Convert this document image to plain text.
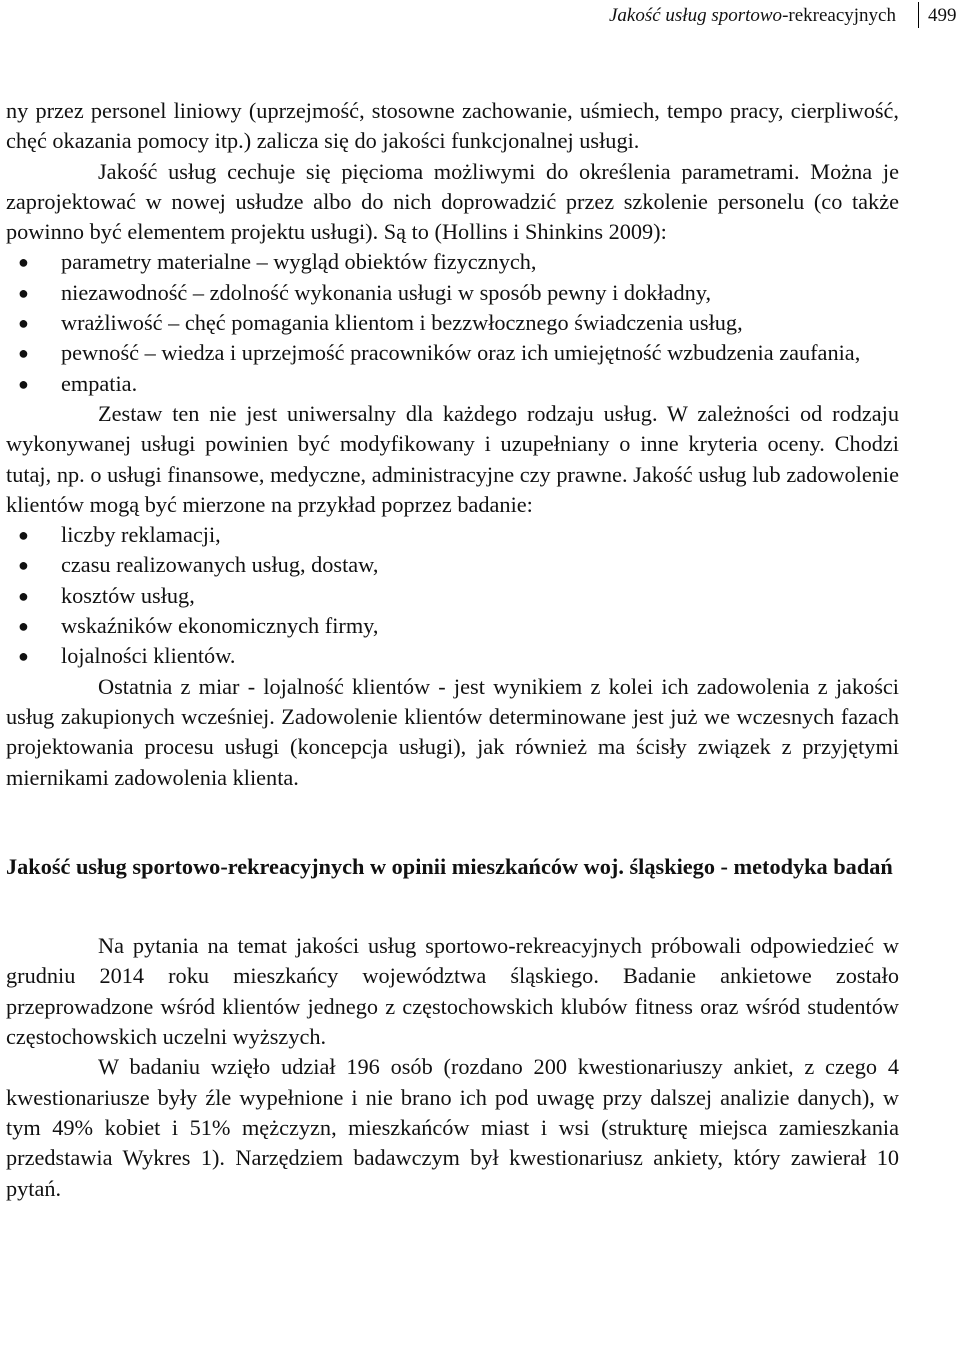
Jakość usług sportowo-rekreacyjnych 499

ny przez personel liniowy (uprzejmość, stosowne zachowanie, uśmiech, tempo pracy, cierpliwość, chęć okazania pomocy itp.) zalicza się do jakości funkcjonalnej usługi.

Jakość usług cechuje się pięcioma możliwymi do określenia parametrami. Można je zaprojektować w nowej usłudze albo do nich doprowadzić przez szkolenie personelu (co także powinno być elementem projektu usługi). Są to (Hollins i Shinkins 2009):

● parametry materialne – wygląd obiektów fizycznych,
● niezawodność – zdolność wykonania usługi w sposób pewny i dokładny,
● wrażliwość – chęć pomagania klientom i bezzwłocznego świadczenia usług,
● pewność – wiedza i uprzejmość pracowników oraz ich umiejętność wzbudzenia zaufania,
● empatia.

Zestaw ten nie jest uniwersalny dla każdego rodzaju usług. W zależności od rodzaju wykonywanej usługi powinien być modyfikowany i uzupełniany o inne kryteria oceny. Chodzi tutaj, np. o usługi finansowe, medyczne, administracyjne czy prawne. Jakość usług lub zadowolenie klientów mogą być mierzone na przykład poprzez badanie:

● liczby reklamacji,
● czasu realizowanych usług, dostaw,
● kosztów usług,
● wskaźników ekonomicznych firmy,
● lojalności klientów.

Ostatnia z miar - lojalność klientów - jest wynikiem z kolei ich zadowolenia z jakości usług zakupionych wcześniej. Zadowolenie klientów determinowane jest już we wczesnych fazach projektowania procesu usługi (koncepcja usługi), jak również ma ścisły związek z przyjętymi miernikami zadowolenia klienta.

Jakość usług sportowo-rekreacyjnych w opinii mieszkańców woj. śląskiego - metodyka badań

Na pytania na temat jakości usług sportowo-rekreacyjnych próbowali odpowiedzieć w grudniu 2014 roku mieszkańcy województwa śląskiego. Badanie ankietowe zostało przeprowadzone wśród klientów jednego z częstochowskich klubów fitness oraz wśród studentów częstochowskich uczelni wyższych.

W badaniu wzięło udział 196 osób (rozdano 200 kwestionariuszy ankiet, z czego 4 kwestionariusze były źle wypełnione i nie brano ich pod uwagę przy dalszej analizie danych), w tym 49% kobiet i 51% mężczyzn, mieszkańców miast i wsi (strukturę miejsca zamieszkania przedstawia Wykres 1). Narzędziem badawczym był kwestionariusz ankiety, który zawierał 10 pytań.
